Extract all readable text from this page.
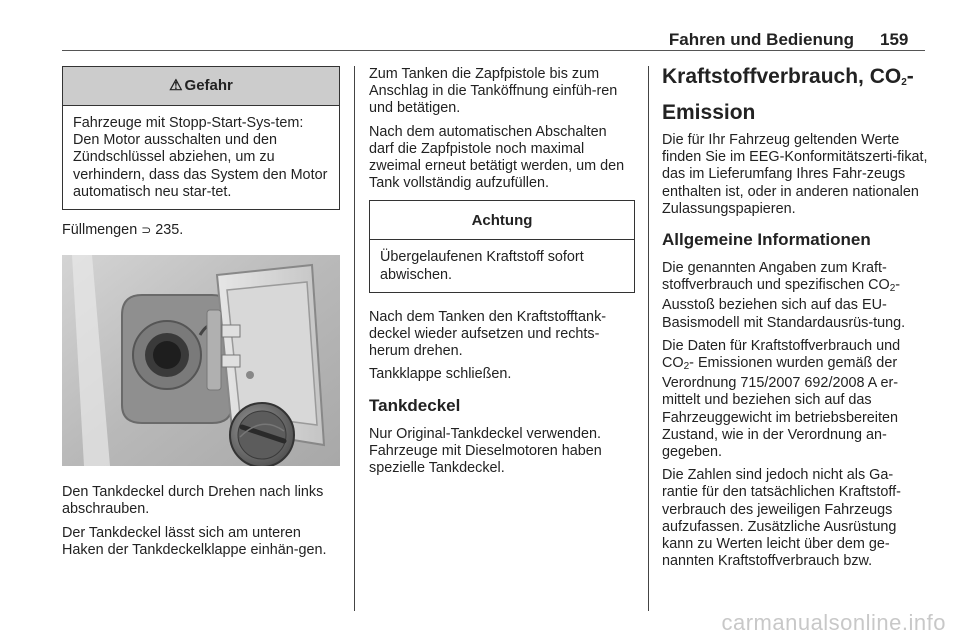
Fahren und Bedienung 159
⚠ Gefahr
Fahrzeuge mit Stopp-Start-Sys-tem: Den Motor ausschalten und den Zündschlüssel abziehen, um zu verhindern, dass das System den Motor automatisch neu star-tet.

Füllmengen ⊃ 235.

Den Tankdeckel durch Drehen nach links abschrauben.

Der Tankdeckel lässt sich am unteren Haken der Tankdeckelklappe einhän-gen.

Zum Tanken die Zapfpistole bis zum Anschlag in die Tanköffnung einfüh-ren und betätigen.

Nach dem automatischen Abschalten darf die Zapfpistole noch maximal zweimal erneut betätigt werden, um den Tank vollständig aufzufüllen.

Achtung
Übergelaufenen Kraftstoff sofort abwischen.

Nach dem Tanken den Kraftstofftank-deckel wieder aufsetzen und rechts-herum drehen.

Tankklappe schließen.

Tankdeckel

Nur Original-Tankdeckel verwenden. Fahrzeuge mit Dieselmotoren haben spezielle Tankdeckel.

Kraftstoffverbrauch, $CO_2-$
Emission

Die für Ihr Fahrzeug geltenden Werte finden Sie im EEG-Konformitätszerti-fikat, das im Lieferumfang Ihres Fahr-zeugs enthalten ist, oder in anderen nationalen Zulassungspapieren.

Allgemeine Informationen

Die genannten Angaben zum Kraft-stoffverbrauch und spezifischen $CO_2$-Ausstoß beziehen sich auf das EU-Basismodell mit Standardausrüs-tung.

Die Daten für Kraftstoffverbrauch und $CO_2-$ Emissionen wurden gemäß der Verordnung 715/2007 692/2008 A er-mittelt und beziehen sich auf das Fahrzeuggewicht im betriebsbereiten Zustand, wie in der Verordnung an-gegeben.

Die Zahlen sind jedoch nicht als Ga-rantie für den tatsächlichen Kraftstoff-verbrauch des jeweiligen Fahrzeugs aufzufassen. Zusätzliche Ausrüstung kann zu Werten leicht über dem ge-nannten Kraftstoffverbrauch bzw.

carmanualsonline.info
